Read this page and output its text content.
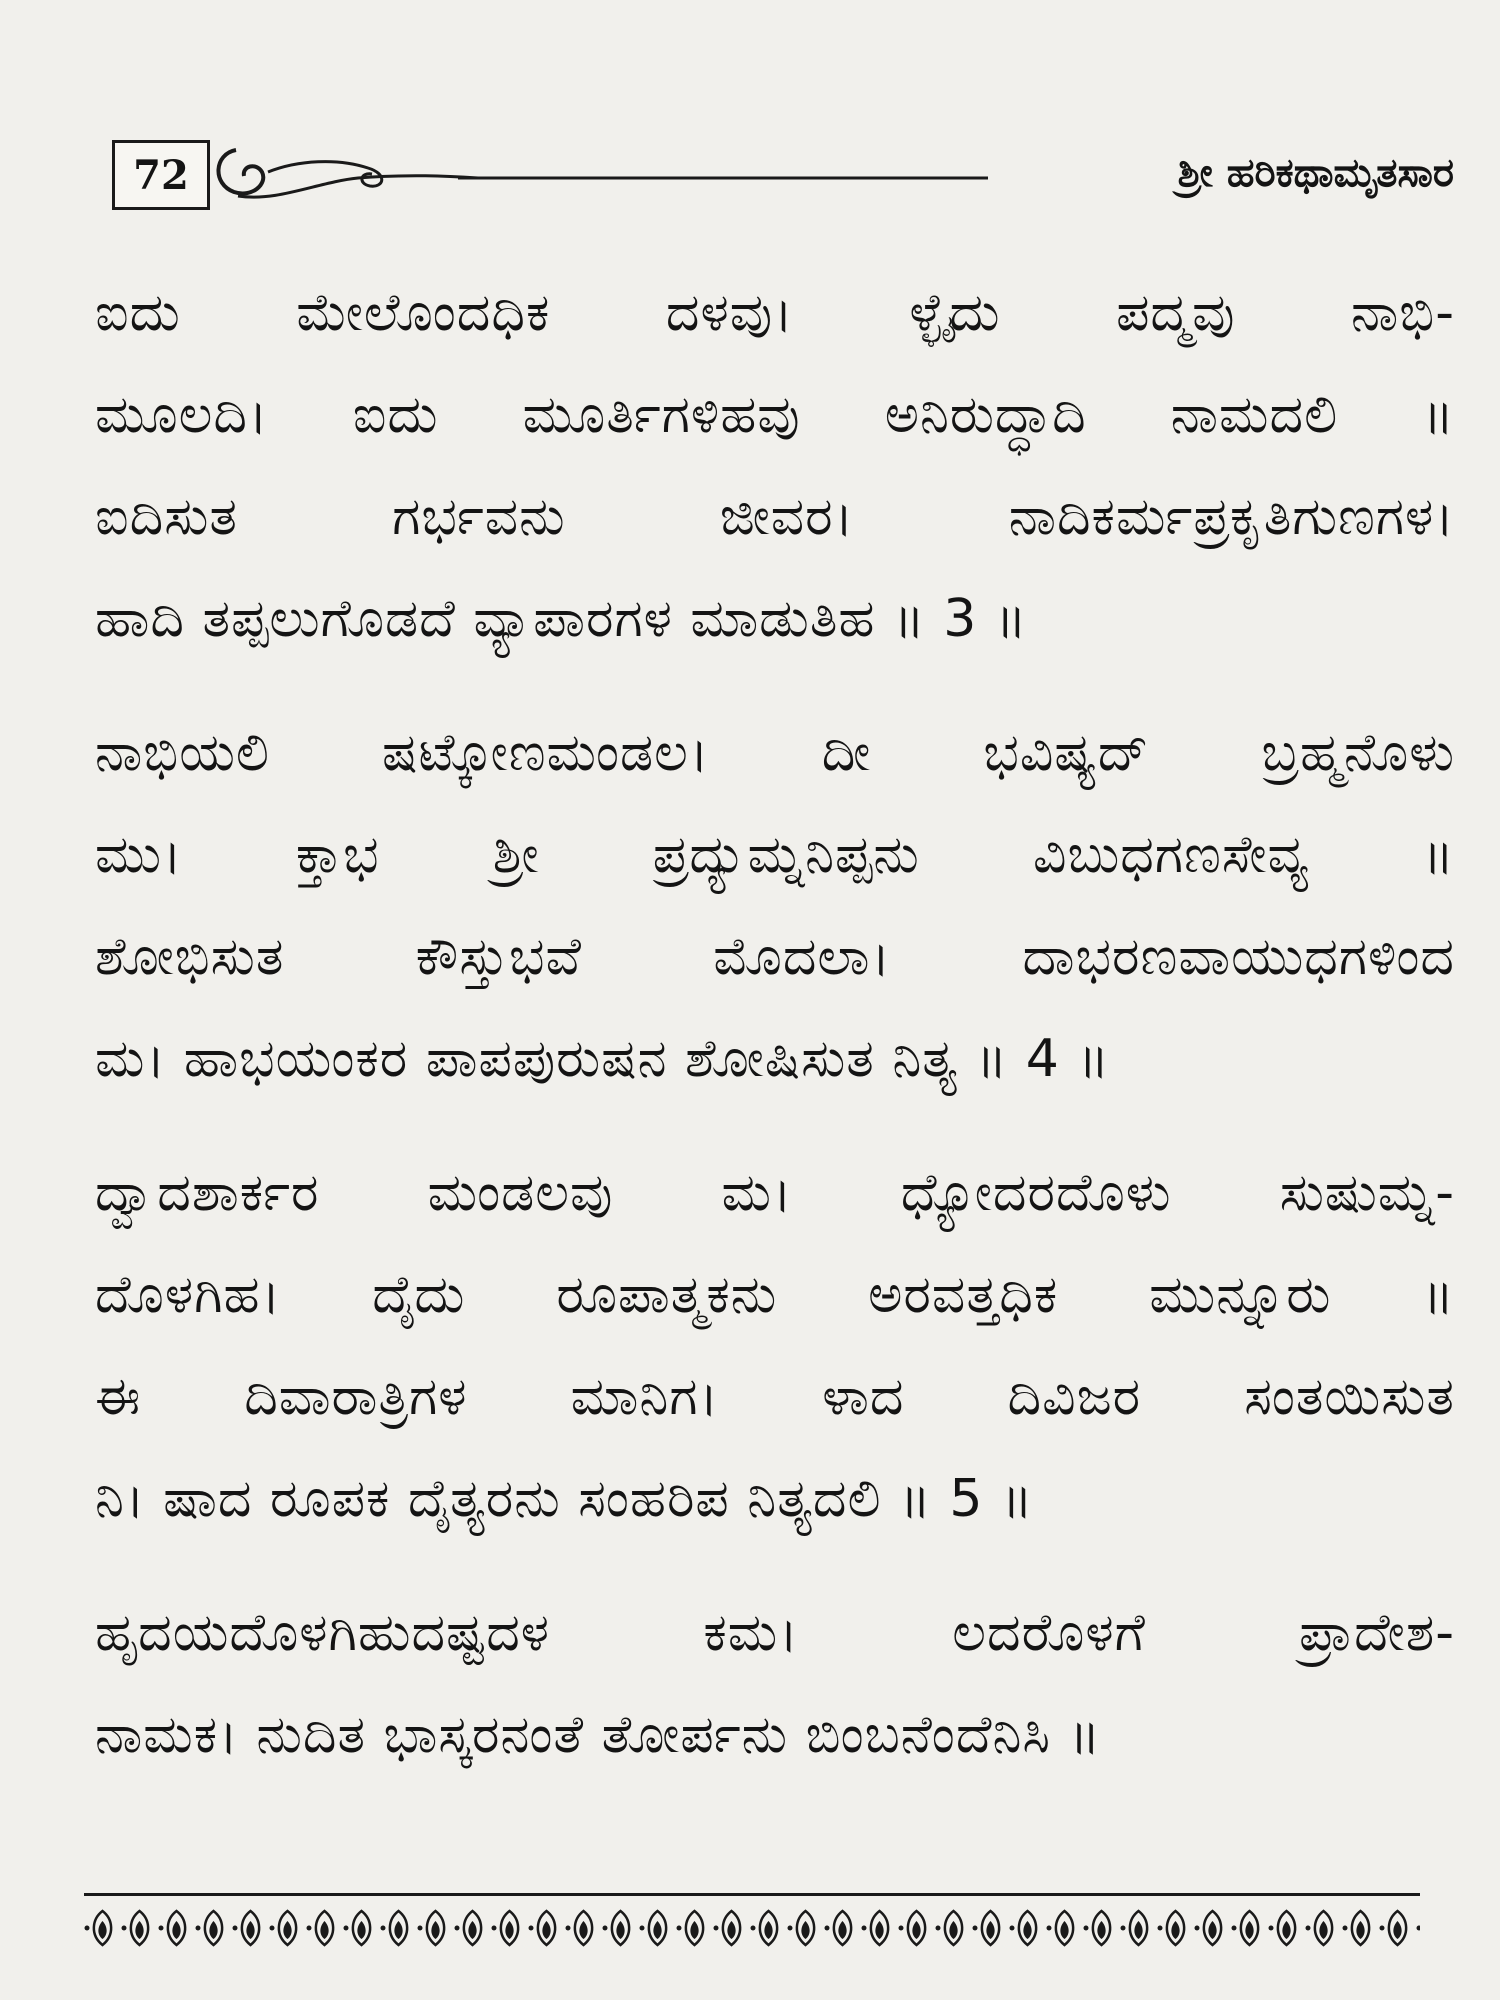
72	ಶ್ರೀ ಹರಿಕಥಾಮೃತಸಾರ
ಐದು ಮೇಲೊಂದಧಿಕ ದಳವು। ಳ್ಳೈದು ಪದ್ಮವು ನಾಭಿ-
ಮೂಲದಿ। ಐದು ಮೂರ್ತಿಗಳಿಹವು ಅನಿರುದ್ಧಾದಿ ನಾಮದಲಿ ॥
ಐದಿಸುತ ಗರ್ಭವನು ಜೀವರ। ನಾದಿಕರ್ಮಪ್ರಕೃತಿಗುಣಗಳ।
ಹಾದಿ ತಪ್ಪಲುಗೊಡದೆ ವ್ಯಾಪಾರಗಳ ಮಾಡುತಿಹ ॥ 3 ॥
ನಾಭಿಯಲಿ ಷಟ್ಕೋಣಮಂಡಲ। ದೀ ಭವಿಷ್ಯದ್ ಬ್ರಹ್ಮನೊಳು
ಮು। ಕ್ತಾಭ ಶ್ರೀ ಪ್ರದ್ಯುಮ್ನನಿಪ್ಪನು ವಿಬುಧಗಣಸೇವ್ಯ ॥
ಶೋಭಿಸುತ ಕೌಸ್ತುಭವೆ ಮೊದಲಾ। ದಾಭರಣವಾಯುಧಗಳಿಂದ
ಮ। ಹಾಭಯಂಕರ ಪಾಪಪುರುಷನ ಶೋಷಿಸುತ ನಿತ್ಯ ॥ 4 ॥
ದ್ವಾದಶಾರ್ಕರ ಮಂಡಲವು ಮ। ಧ್ಯೋದರದೊಳು ಸುಷುಮ್ನ-
ದೊಳಗಿಹ। ದೈದು ರೂಪಾತ್ಮಕನು ಅರವತ್ತಧಿಕ ಮುನ್ನೂರು ॥
ಈ ದಿವಾರಾತ್ರಿಗಳ ಮಾನಿಗ। ಳಾದ ದಿವಿಜರ ಸಂತಯಿಸುತ
ನಿ। ಷಾದ ರೂಪಕ ದೈತ್ಯರನು ಸಂಹರಿಪ ನಿತ್ಯದಲಿ ॥ 5 ॥
ಹೃದಯದೊಳಗಿಹುದಷ್ಟದಳ ಕಮ। ಲದರೊಳಗೆ ಪ್ರಾದೇಶ-
ನಾಮಕ। ನುದಿತ ಭಾಸ್ಕರನಂತೆ ತೋರ್ಪನು ಬಿಂಬನೆಂದೆನಿಸಿ ॥
